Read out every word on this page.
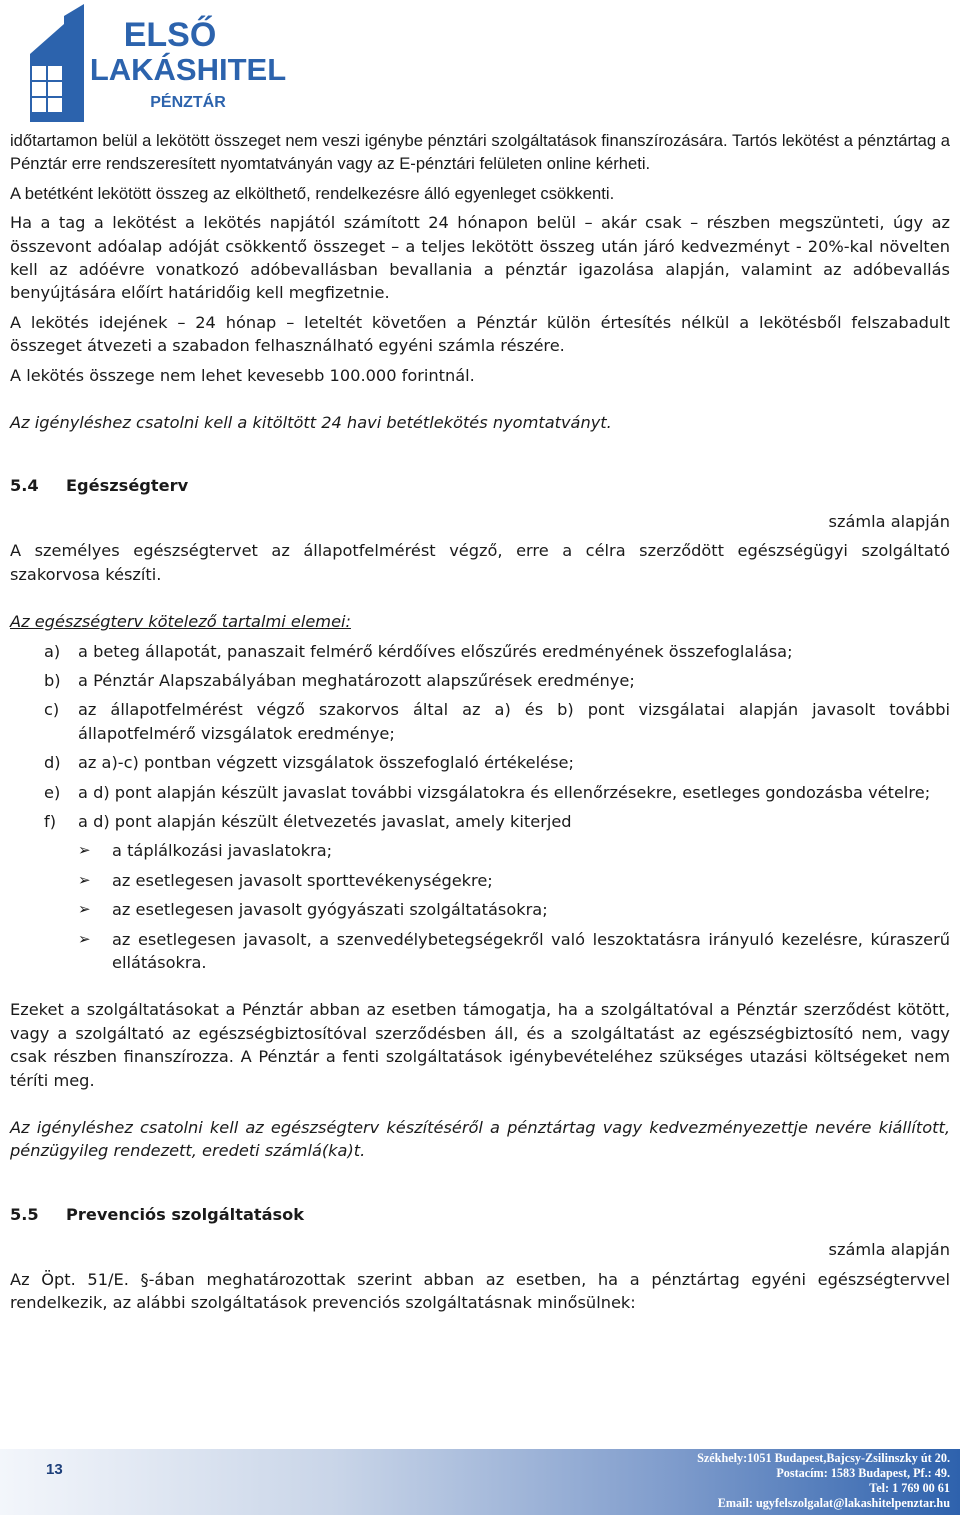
ELSŐ
LAKÁSHITEL
PÉNZTÁR

időtartamon belül a lekötött összeget nem veszi igénybe pénztári szolgáltatások finanszírozására. Tartós lekötést a pénztártag a Pénztár erre rendszeresített nyomtatványán vagy az E-pénztári felületen online kérheti.

A betétként lekötött összeg az elkölthető, rendelkezésre álló egyenleget csökkenti.

Ha a tag a lekötést a lekötés napjától számított 24 hónapon belül – akár csak – részben megszünteti, úgy az összevont adóalap adóját csökkentő összeget – a teljes lekötött összeg után járó kedvezményt - 20%-kal növelten kell az adóévre vonatkozó adóbevallásban bevallania a pénztár igazolása alapján, valamint az adóbevallás benyújtására előírt határidőig kell megfizetnie.

A lekötés idejének – 24 hónap – leteltét követően a Pénztár külön értesítés nélkül a lekötésből felszabadult összeget átvezeti a szabadon felhasználható egyéni számla részére.

A lekötés összege nem lehet kevesebb 100.000 forintnál.

Az igényléshez csatolni kell a kitöltött 24 havi betétlekötés nyomtatványt.

5.4	Egészségterv

számla alapján

A személyes egészségtervet az állapotfelmérést végző, erre a célra szerződött egészségügyi szolgáltató szakorvosa készíti.

Az egészségterv kötelező tartalmi elemei:

a)	a beteg állapotát, panaszait felmérő kérdőíves előszűrés eredményének összefoglalása;
b)	a Pénztár Alapszabályában meghatározott alapszűrések eredménye;
c)	az állapotfelmérést végző szakorvos által az a) és b) pont vizsgálatai alapján javasolt további állapotfelmérő vizsgálatok eredménye;
d)	az a)-c) pontban végzett vizsgálatok összefoglaló értékelése;
e)	a d) pont alapján készült javaslat további vizsgálatokra és ellenőrzésekre, esetleges gondozásba vételre;
f)	a d) pont alapján készült életvezetés javaslat, amely kiterjed
➢	a táplálkozási javaslatokra;
➢	az esetlegesen javasolt sporttevékenységekre;
➢	az esetlegesen javasolt gyógyászati szolgáltatásokra;
➢	az esetlegesen javasolt, a szenvedélybetegségekről való leszoktatásra irányuló kezelésre, kúraszerű ellátásokra.

Ezeket a szolgáltatásokat a Pénztár abban az esetben támogatja, ha a szolgáltatóval a Pénztár szerződést kötött, vagy a szolgáltató az egészségbiztosítóval szerződésben áll, és a szolgáltatást az egészségbiztosító nem, vagy csak részben finanszírozza. A Pénztár a fenti szolgáltatások igénybevételéhez szükséges utazási költségeket nem téríti meg.

Az igényléshez csatolni kell az egészségterv készítéséről a pénztártag vagy kedvezményezettje nevére kiállított, pénzügyileg rendezett, eredeti számlá(ka)t.

5.5	Prevenciós szolgáltatások

számla alapján

Az Öpt. 51/E. §-ában meghatározottak szerint abban az esetben, ha a pénztártag egyéni egészségtervvel rendelkezik, az alábbi szolgáltatások prevenciós szolgáltatásnak minősülnek:

13
Székhely:1051 Budapest,Bajcsy-Zsilinszky út 20.
Postacím: 1583 Budapest, Pf.: 49.
Tel: 1 769 00 61
Email: ugyfelszolgalat@lakashitelpenztar.hu
